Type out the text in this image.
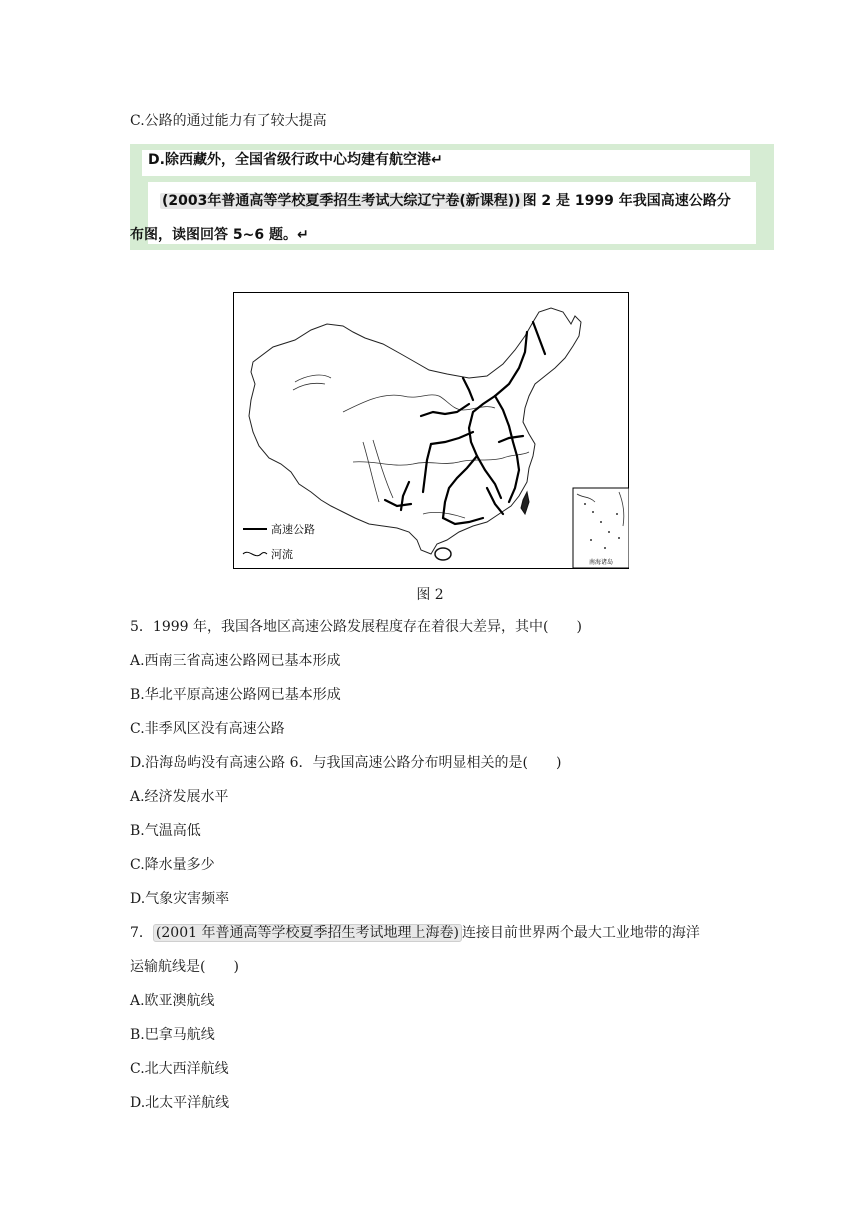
C.公路的通过能力有了较大提高
D.除西藏外，全国省级行政中心均建有航空港↵
(2003年普通高等学校夏季招生考试大综辽宁卷(新课程)) 图 2 是 1999 年我国高速公路分
布图，读图回答 5~6 题。↵
南海诸岛
高速公路
河流
图 2
5．1999 年，我国各地区高速公路发展程度存在着很大差异，其中(　　)
A.西南三省高速公路网已基本形成
B.华北平原高速公路网已基本形成
C.非季风区没有高速公路
D.沿海岛屿没有高速公路 6．与我国高速公路分布明显相关的是(　　)
A.经济发展水平
B.气温高低
C.降水量多少
D.气象灾害频率
7． (2001 年普通高等学校夏季招生考试地理上海卷) 连接目前世界两个最大工业地带的海洋
运输航线是(　　)
A.欧亚澳航线
B.巴拿马航线
C.北大西洋航线
D.北太平洋航线
